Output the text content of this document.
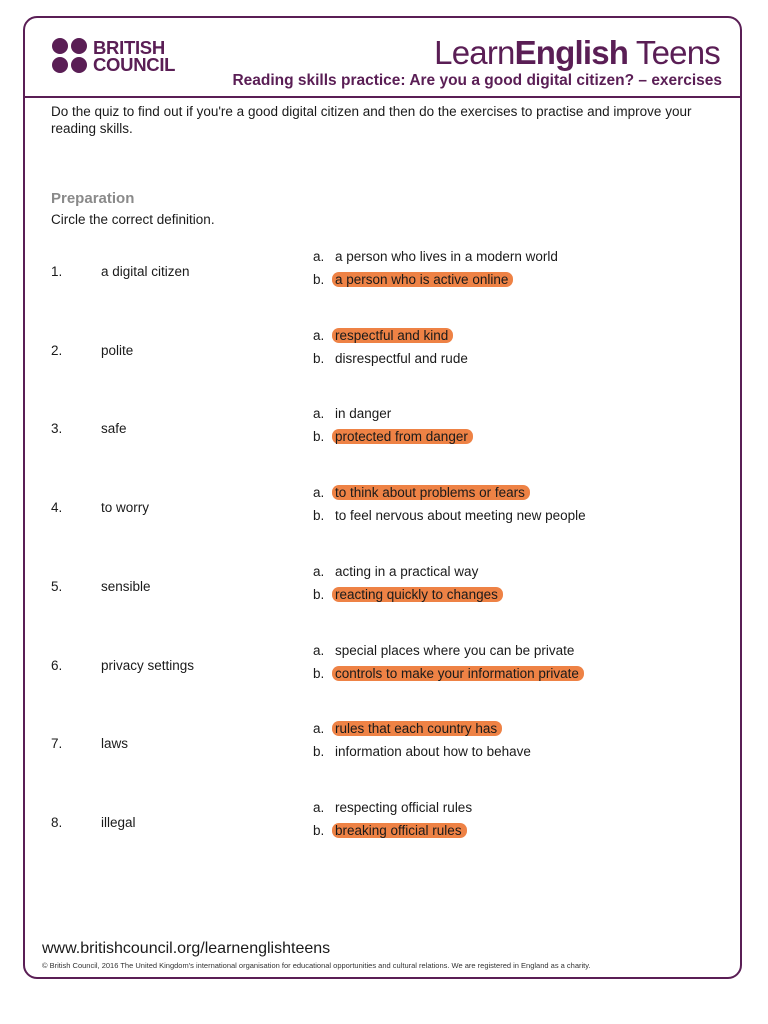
BRITISH
COUNCIL	LearnEnglish Teens
Reading skills practice: Are you a good digital citizen? – exercises
Do the quiz to find out if you're a good digital citizen and then do the exercises to practise and improve your reading skills.
Preparation
Circle the correct definition.
1.	a digital citizen
a. a person who lives in a modern world
b. a person who is active online
2.	polite
a. respectful and kind
b. disrespectful and rude
3.	safe
a. in danger
b. protected from danger
4.	to worry
a. to think about problems or fears
b. to feel nervous about meeting new people
5.	sensible
a. acting in a practical way
b. reacting quickly to changes
6.	privacy settings
a. special places where you can be private
b. controls to make your information private
7.	laws
a. rules that each country has
b. information about how to behave
8.	illegal
a. respecting official rules
b. breaking official rules
www.britishcouncil.org/learnenglishteens
© British Council, 2016 The United Kingdom's international organisation for educational opportunities and cultural relations. We are registered in England as a charity.
